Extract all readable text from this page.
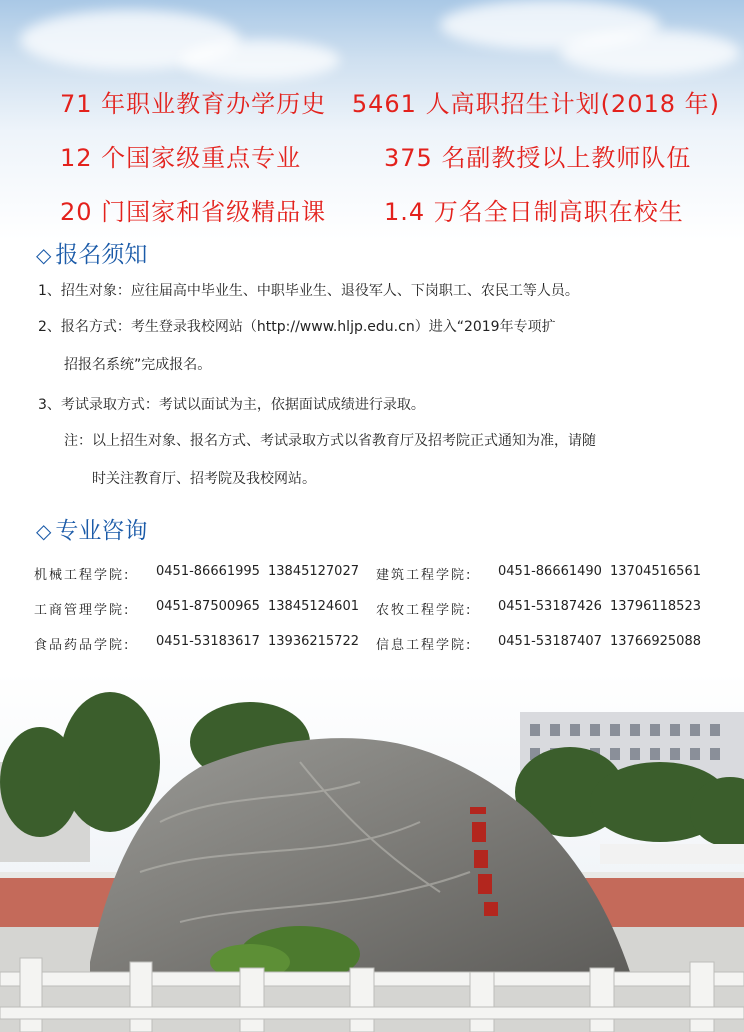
71 年职业教育办学历史	5461 人高职招生计划(2018 年)
12 个国家级重点专业	375 名副教授以上教师队伍
20 门国家和省级精品课	1.4 万名全日制高职在校生
◇ 报名须知

1、招生对象：应往届高中毕业生、中职毕业生、退役军人、下岗职工、农民工等人员。

2、报名方式：考生登录我校网站（http://www.hljp.edu.cn）进入“2019年专项扩

招报名系统”完成报名。

3、考试录取方式：考试以面试为主，依据面试成绩进行录取。

注：以上招生对象、报名方式、考试录取方式以省教育厅及招考院正式通知为准，请随

时关注教育厅、招考院及我校网站。

◇ 专业咨询
机械工程学院:	0451-86661995 13845127027	建筑工程学院:	0451-86661490 13704516561
工商管理学院:	0451-87500965 13845124601	农牧工程学院:	0451-53187426 13796118523
食品药品学院:	0451-53183617 13936215722	信息工程学院:	0451-53187407 13766925088
